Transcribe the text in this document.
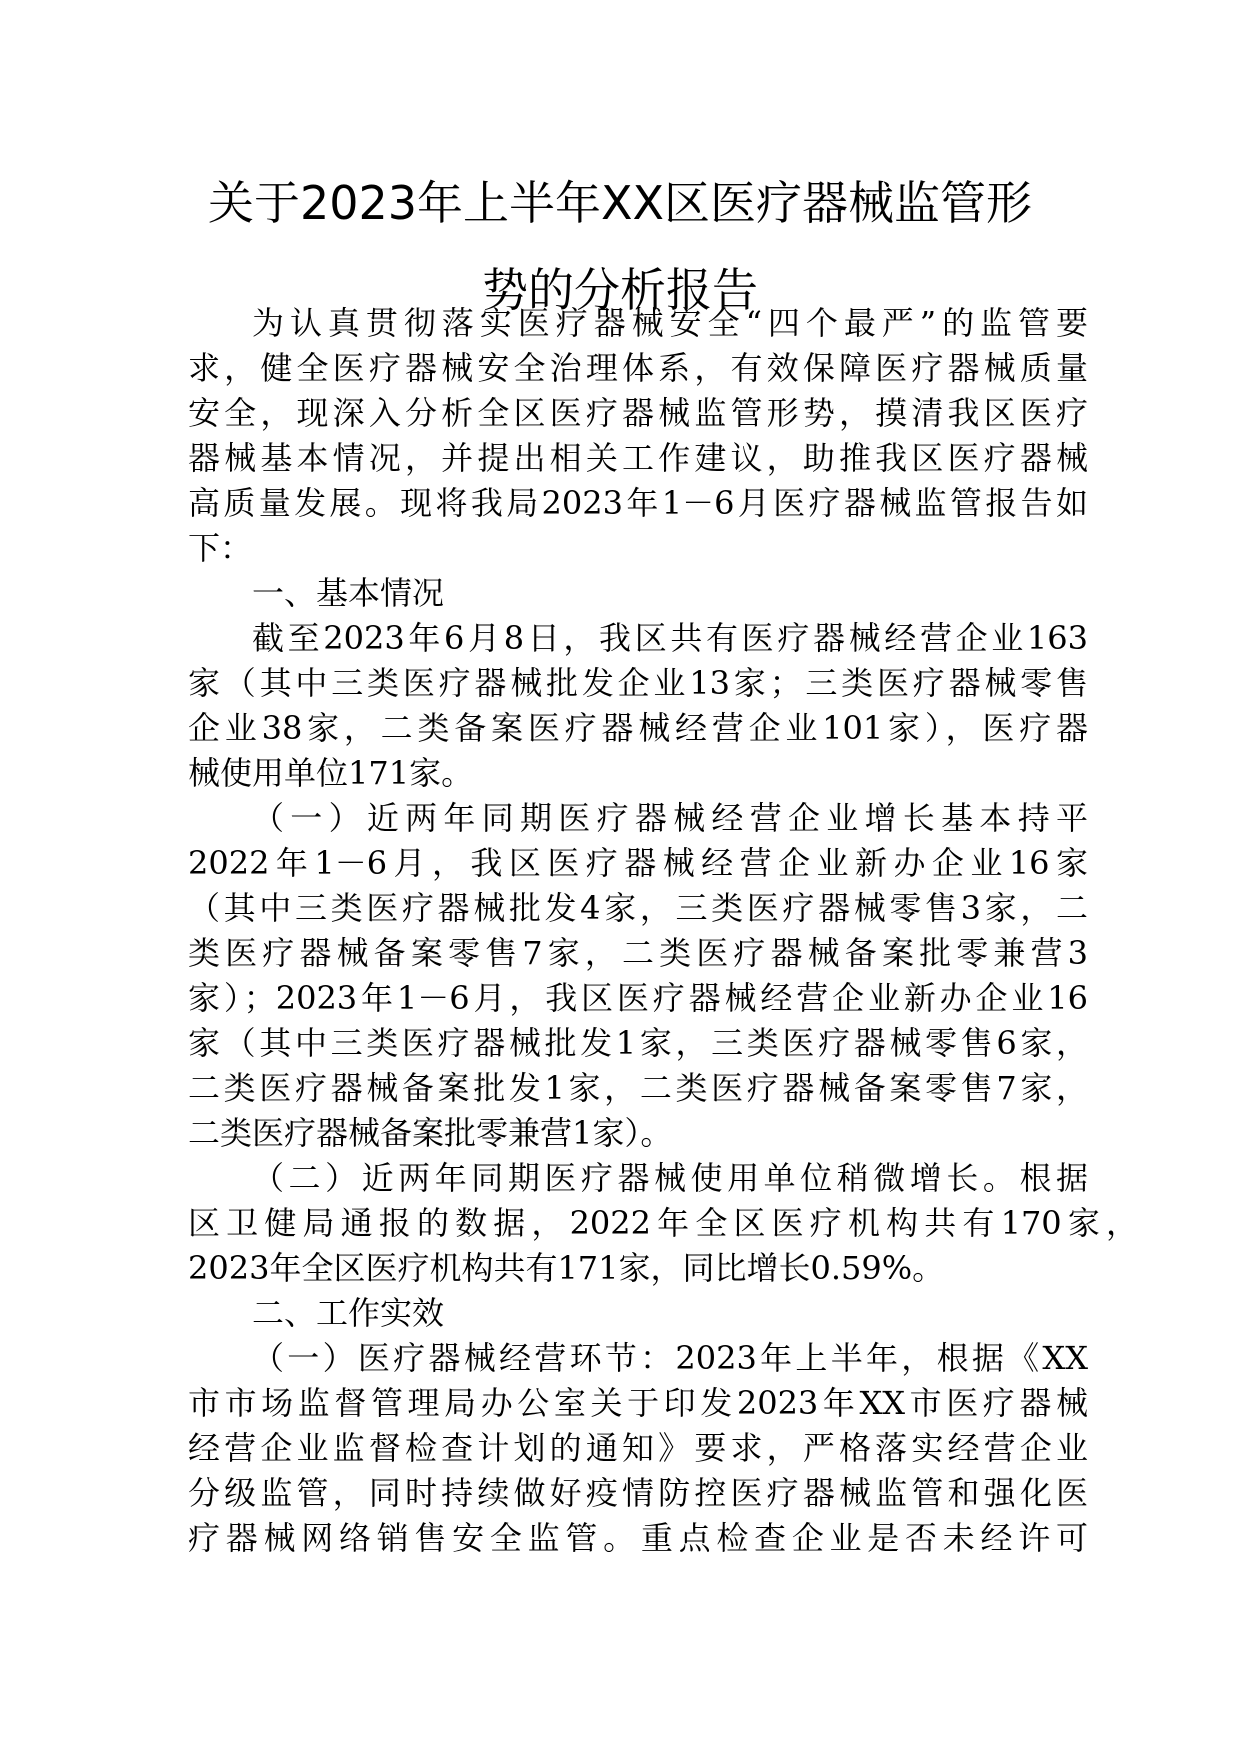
关于2023年上半年XX区医疗器械监管形
势的分析报告
为认真贯彻落实医疗器械安全“四个最严”的监管要
求，健全医疗器械安全治理体系，有效保障医疗器械质量
安全，现深入分析全区医疗器械监管形势，摸清我区医疗
器械基本情况，并提出相关工作建议，助推我区医疗器械
高质量发展。现将我局2023年1－6月医疗器械监管报告如
下：
一、基本情况
截至2023年6月8日，我区共有医疗器械经营企业163
家（其中三类医疗器械批发企业13家；三类医疗器械零售
企业38家，二类备案医疗器械经营企业101家），医疗器
械使用单位171家。
（一）近两年同期医疗器械经营企业增长基本持平
2022年1－6月，我区医疗器械经营企业新办企业16家
（其中三类医疗器械批发4家，三类医疗器械零售3家，二
类医疗器械备案零售7家，二类医疗器械备案批零兼营3
家）；2023年1－6月，我区医疗器械经营企业新办企业16
家（其中三类医疗器械批发1家，三类医疗器械零售6家，
二类医疗器械备案批发1家，二类医疗器械备案零售7家，
二类医疗器械备案批零兼营1家）。
（二）近两年同期医疗器械使用单位稍微增长。根据
区卫健局通报的数据，2022年全区医疗机构共有170家，
2023年全区医疗机构共有171家，同比增长0.59%。
二、工作实效
（一）医疗器械经营环节：2023年上半年，根据《XX
市市场监督管理局办公室关于印发2023年XX市医疗器械
经营企业监督检查计划的通知》要求，严格落实经营企业
分级监管，同时持续做好疫情防控医疗器械监管和强化医
疗器械网络销售安全监管。重点检查企业是否未经许可
